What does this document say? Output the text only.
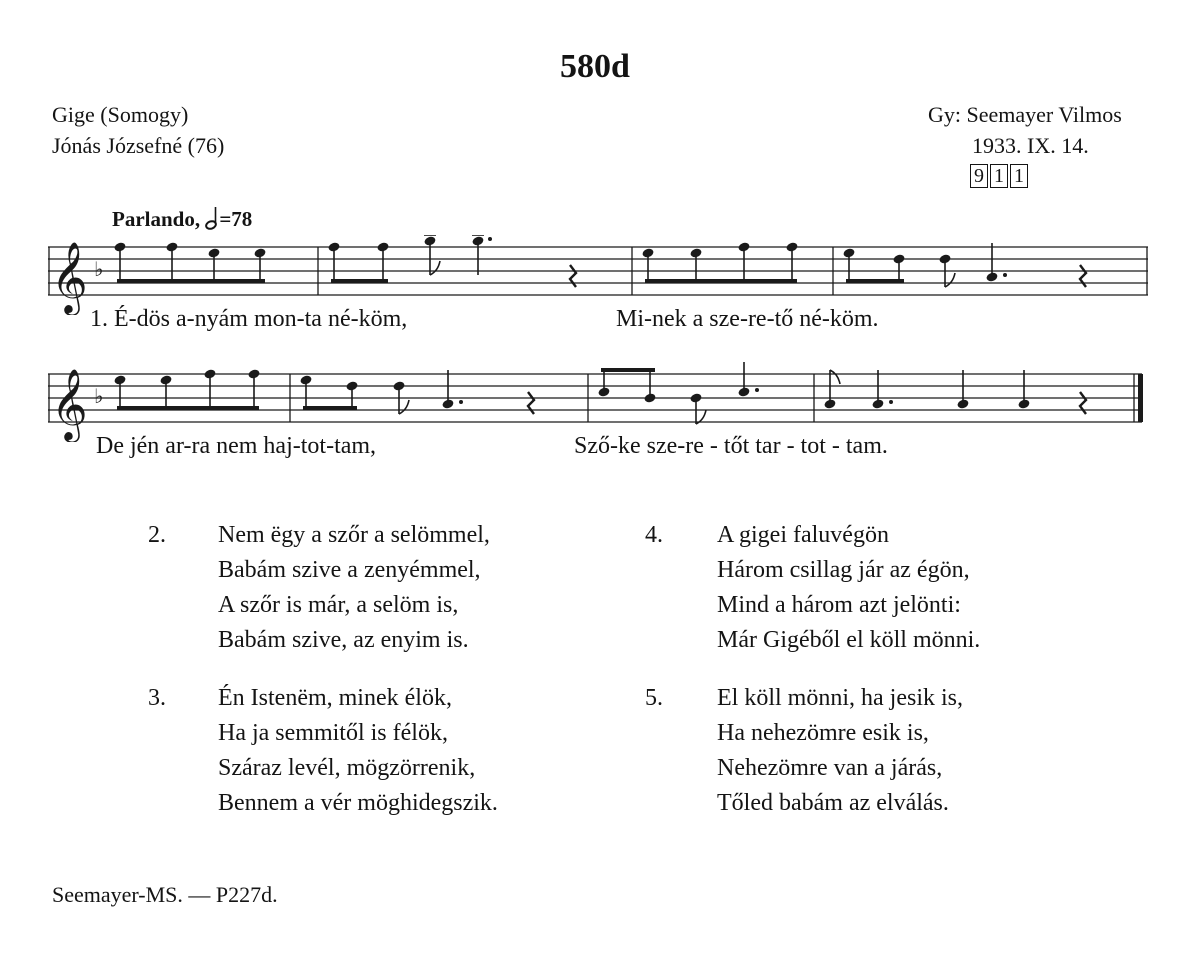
580d
Gige (Somogy)
Jónás Józsefné (76)
Gy: Seemayer Vilmos
1933. IX. 14.
9 1 1
Parlando, =78
𝄞 ♭
1. É-dös a-nyám mon-ta né-köm,	Mi-nek a sze-re-tő né-köm.
𝄞 ♭
De jén ar-ra nem haj-tot-tam,	Sző-ke sze-re - tőt tar - tot - tam.
2. Nem ëgy a szőr a selömmel,
Babám szive a zenyémmel,
A szőr is már, a selöm is,
Babám szive, az enyim is.
3. Én Istenëm, minek élök,
Ha ja semmitől is félök,
Száraz levél, mögzörrenik,
Bennem a vér möghidegszik.
4. A gigei faluvégön
Három csillag jár az égön,
Mind a három azt jelönti:
Már Gigéből el köll mönni.
5. El köll mönni, ha jesik is,
Ha nehezömre esik is,
Nehezömre van a járás,
Tőled babám az elválás.
Seemayer-MS. — P227d.
